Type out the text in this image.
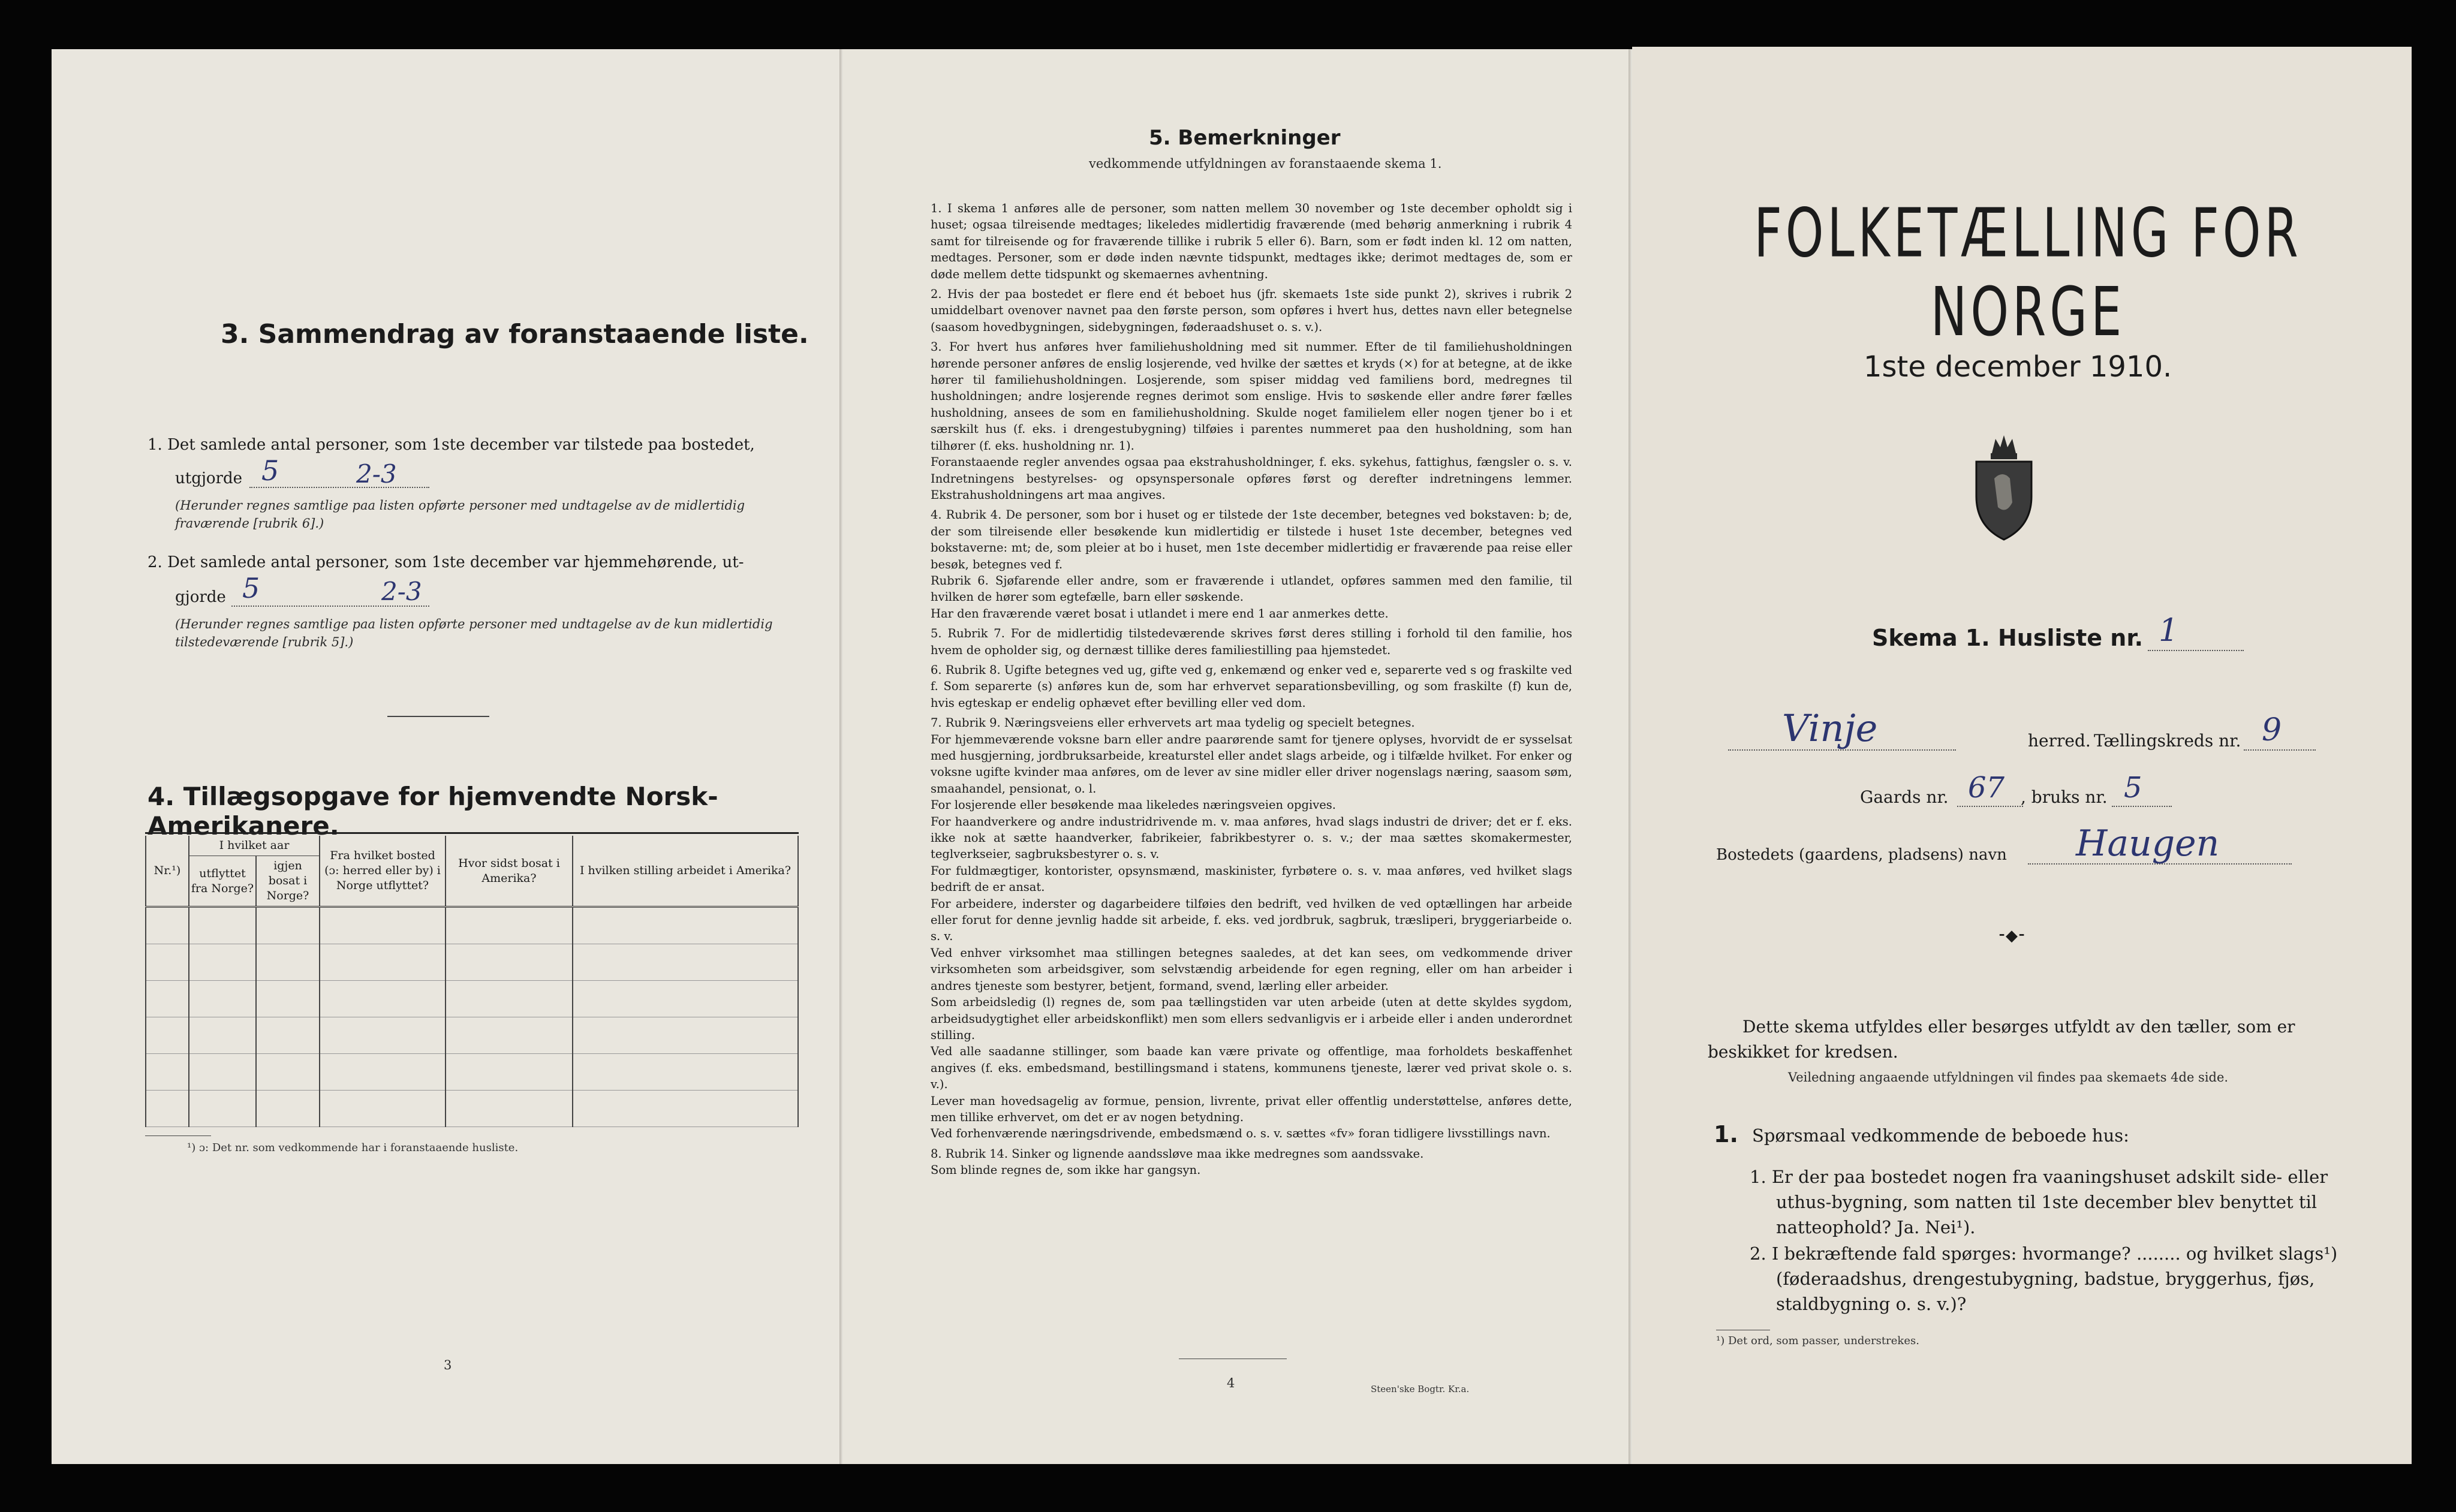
3. Sammendrag av foranstaaende liste.
1. Det samlede antal personer, som 1ste december var tilstede paa bostedet,
utgjorde 5	2-3
(Herunder regnes samtlige paa listen opførte personer med undtagelse av de midlertidig fraværende [rubrik 6].)
2. Det samlede antal personer, som 1ste december var hjemmehørende, ut-
gjorde 5	2-3
(Herunder regnes samtlige paa listen opførte personer med undtagelse av de kun midlertidig tilstedeværende [rubrik 5].)
4. Tillægsopgave for hjemvendte Norsk-Amerikanere.
Nr.¹)	I hvilket aar		Fra hvilket bosted (ɔ: herred eller by) i Norge utflyttet?	Hvor sidst bosat i Amerika?	I hvilken stilling arbeidet i Amerika?
	utflyttet fra Norge?	igjen bosat i Norge?			

¹) ɔ: Det nr. som vedkommende har i foranstaaende husliste.
3
5. Bemerkninger
vedkommende utfyldningen av foranstaaende skema 1.

1. I skema 1 anføres alle de personer, som natten mellem 30 november og 1ste december opholdt sig i huset; ogsaa tilreisende medtages; likeledes midlertidig fraværende (med behørig anmerkning i rubrik 4 samt for tilreisende og for fraværende tillike i rubrik 5 eller 6). Barn, som er født inden kl. 12 om natten, medtages. Personer, som er døde inden nævnte tidspunkt, medtages ikke; derimot medtages de, som er døde mellem dette tidspunkt og skemaernes avhentning.

2. Hvis der paa bostedet er flere end ét beboet hus (jfr. skemaets 1ste side punkt 2), skrives i rubrik 2 umiddelbart ovenover navnet paa den første person, som opføres i hvert hus, dettes navn eller betegnelse (saasom hovedbygningen, sidebygningen, føderaadshuset o. s. v.).

3. For hvert hus anføres hver familiehusholdning med sit nummer. Efter de til familiehusholdningen hørende personer anføres de enslig losjerende, ved hvilke der sættes et kryds (×) for at betegne, at de ikke hører til familiehusholdningen. Losjerende, som spiser middag ved familiens bord, medregnes til husholdningen; andre losjerende regnes derimot som enslige. Hvis to søskende eller andre fører fælles husholdning, ansees de som en familiehusholdning. Skulde noget familielem eller nogen tjener bo i et særskilt hus (f. eks. i drengestubygning) tilføies i parentes nummeret paa den husholdning, som han tilhører (f. eks. husholdning nr. 1).

Foranstaaende regler anvendes ogsaa paa ekstrahusholdninger, f. eks. sykehus, fattighus, fængsler o. s. v. Indretningens bestyrelses- og opsynspersonale opføres først og derefter indretningens lemmer. Ekstrahusholdningens art maa angives.

4. Rubrik 4. De personer, som bor i huset og er tilstede der 1ste december, betegnes ved bokstaven: b; de, der som tilreisende eller besøkende kun midlertidig er tilstede i huset 1ste december, betegnes ved bokstaverne: mt; de, som pleier at bo i huset, men 1ste december midlertidig er fraværende paa reise eller besøk, betegnes ved f.

Rubrik 6. Sjøfarende eller andre, som er fraværende i utlandet, opføres sammen med den familie, til hvilken de hører som egtefælle, barn eller søskende.

Har den fraværende været bosat i utlandet i mere end 1 aar anmerkes dette.

5. Rubrik 7. For de midlertidig tilstedeværende skrives først deres stilling i forhold til den familie, hos hvem de opholder sig, og dernæst tillike deres familiestilling paa hjemstedet.

6. Rubrik 8. Ugifte betegnes ved ug, gifte ved g, enkemænd og enker ved e, separerte ved s og fraskilte ved f. Som separerte (s) anføres kun de, som har erhvervet separationsbevilling, og som fraskilte (f) kun de, hvis egteskap er endelig ophævet efter bevilling eller ved dom.

7. Rubrik 9. Næringsveiens eller erhvervets art maa tydelig og specielt betegnes.

For hjemmeværende voksne barn eller andre paarørende samt for tjenere oplyses, hvorvidt de er sysselsat med husgjerning, jordbruksarbeide, kreaturstel eller andet slags arbeide, og i tilfælde hvilket. For enker og voksne ugifte kvinder maa anføres, om de lever av sine midler eller driver nogenslags næring, saasom søm, smaahandel, pensionat, o. l.

For losjerende eller besøkende maa likeledes næringsveien opgives.

For haandverkere og andre industridrivende m. v. maa anføres, hvad slags industri de driver; det er f. eks. ikke nok at sætte haandverker, fabrikeier, fabrikbestyrer o. s. v.; der maa sættes skomakermester, teglverkseier, sagbruksbestyrer o. s. v.

For fuldmægtiger, kontorister, opsynsmænd, maskinister, fyrbøtere o. s. v. maa anføres, ved hvilket slags bedrift de er ansat.

For arbeidere, inderster og dagarbeidere tilføies den bedrift, ved hvilken de ved optællingen har arbeide eller forut for denne jevnlig hadde sit arbeide, f. eks. ved jordbruk, sagbruk, træsliperi, bryggeriarbeide o. s. v.

Ved enhver virksomhet maa stillingen betegnes saaledes, at det kan sees, om vedkommende driver virksomheten som arbeidsgiver, som selvstændig arbeidende for egen regning, eller om han arbeider i andres tjeneste som bestyrer, betjent, formand, svend, lærling eller arbeider.

Som arbeidsledig (l) regnes de, som paa tællingstiden var uten arbeide (uten at dette skyldes sygdom, arbeidsudygtighet eller arbeidskonflikt) men som ellers sedvanligvis er i arbeide eller i anden underordnet stilling.

Ved alle saadanne stillinger, som baade kan være private og offentlige, maa forholdets beskaffenhet angives (f. eks. embedsmand, bestillingsmand i statens, kommunens tjeneste, lærer ved privat skole o. s. v.).

Lever man hovedsagelig av formue, pension, livrente, privat eller offentlig understøttelse, anføres dette, men tillike erhvervet, om det er av nogen betydning.

Ved forhenværende næringsdrivende, embedsmænd o. s. v. sættes «fv» foran tidligere livsstillings navn.

8. Rubrik 14. Sinker og lignende aandssløve maa ikke medregnes som aandssvake.

Som blinde regnes de, som ikke har gangsyn.

4	Steen'ske Bogtr. Kr.a.
FOLKETÆLLING FOR NORGE
1ste december 1910.
Skema 1. Husliste nr. 1
Vinje	herred. Tællingskreds nr. 9
Gaards nr. 67 , bruks nr. 5
Bostedets (gaardens, pladsens) navn Haugen
⁃◆⁃
Dette skema utfyldes eller besørges utfyldt av den tæller, som er beskikket for kredsen.
Veiledning angaaende utfyldningen vil findes paa skemaets 4de side.
1. Spørsmaal vedkommende de beboede hus:
1. Er der paa bostedet nogen fra vaaningshuset adskilt side- eller uthus-bygning, som natten til 1ste december blev benyttet til natteophold? Ja. Nei¹).
2. I bekræftende fald spørges: hvormange? ........ og hvilket slags¹) (føderaadshus, drengestubygning, badstue, bryggerhus, fjøs, staldbygning o. s. v.)?
¹) Det ord, som passer, understrekes.
